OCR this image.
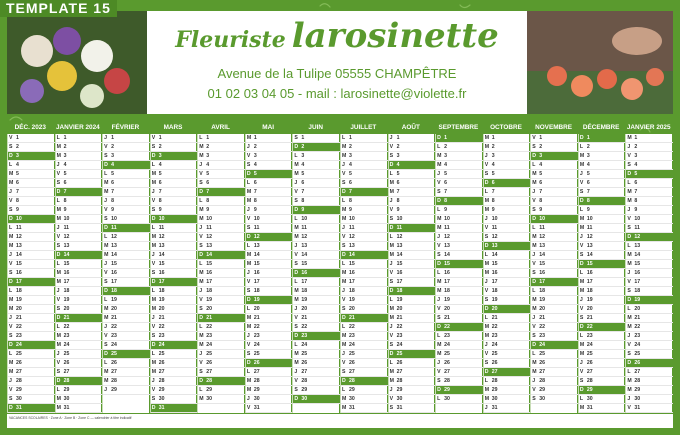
TEMPLATE 15
Fleuriste larosinette
Avenue de la Tulipe 05555 CHAMPÊTRE
01 02 03 04 05 - mail : larosinette@violette.fr
DÉC. 2023
V 1
S 2
D 3
L 4
M 5
M 6
J 7
V 8
S 9
D 10
L 11
M 12
M 13
J 14
V 15
S 16
D 17
L 18
M 19
M 20
J 21
V 22
S 23
D 24
L 25
M 26
M 27
J 28
V 29
S 30
D 31
JANVIER 2024
L 1
M 2
M 3
J 4
V 5
S 6
D 7
L 8
M 9
M 10
J 11
V 12
S 13
D 14
L 15
M 16
M 17
J 18
V 19
S 20
D 21
L 22
M 23
M 24
J 25
V 26
S 27
D 28
L 29
M 30
M 31
FÉVRIER
J 1
V 2
S 3
D 4
L 5
M 6
M 7
J 8
V 9
S 10
D 11
L 12
M 13
M 14
J 15
V 16
S 17
D 18
L 19
M 20
M 21
J 22
V 23
S 24
D 25
L 26
M 27
M 28
J 29
MARS
V 1
S 2
D 3
L 4
M 5
M 6
J 7
V 8
S 9
D 10
L 11
M 12
M 13
J 14
V 15
S 16
D 17
L 18
M 19
M 20
J 21
V 22
S 23
D 24
L 25
M 26
M 27
J 28
V 29
S 30
D 31
AVRIL
L 1
M 2
M 3
J 4
V 5
S 6
D 7
L 8
M 9
M 10
J 11
V 12
S 13
D 14
L 15
M 16
M 17
J 18
V 19
S 20
D 21
L 22
M 23
M 24
J 25
V 26
S 27
D 28
L 29
M 30
MAI
M 1
J 2
V 3
S 4
D 5
L 6
M 7
M 8
J 9
V 10
S 11
D 12
L 13
M 14
M 15
J 16
V 17
S 18
D 19
L 20
M 21
M 22
J 23
V 24
S 25
D 26
L 27
M 28
M 29
J 30
V 31
JUIN
S 1
D 2
L 3
M 4
M 5
J 6
V 7
S 8
D 9
L 10
M 11
M 12
J 13
V 14
S 15
D 16
L 17
M 18
M 19
J 20
V 21
S 22
D 23
L 24
M 25
M 26
J 27
V 28
S 29
D 30
JUILLET
L 1
M 2
M 3
J 4
V 5
S 6
D 7
L 8
M 9
M 10
J 11
V 12
S 13
D 14
L 15
M 16
M 17
J 18
V 19
S 20
D 21
L 22
M 23
M 24
J 25
V 26
S 27
D 28
L 29
M 30
M 31
AOÛT
J 1
V 2
S 3
D 4
L 5
M 6
M 7
J 8
V 9
S 10
D 11
L 12
M 13
M 14
J 15
V 16
S 17
D 18
L 19
M 20
M 21
J 22
V 23
S 24
D 25
L 26
M 27
M 28
J 29
V 30
S 31
SEPTEMBRE
D 1
L 2
M 3
M 4
J 5
V 6
S 7
D 8
L 9
M 10
M 11
J 12
V 13
S 14
D 15
L 16
M 17
M 18
J 19
V 20
S 21
D 22
L 23
M 24
M 25
J 26
V 27
S 28
D 29
L 30
OCTOBRE
M 1
M 2
J 3
V 4
S 5
D 6
L 7
M 8
M 9
J 10
V 11
S 12
D 13
L 14
M 15
M 16
J 17
V 18
S 19
D 20
L 21
M 22
M 23
J 24
V 25
S 26
D 27
L 28
M 29
M 30
J 31
NOVEMBRE
V 1
S 2
D 3
L 4
M 5
M 6
J 7
V 8
S 9
D 10
L 11
M 12
M 13
J 14
V 15
S 16
D 17
L 18
M 19
M 20
J 21
V 22
S 23
D 24
L 25
M 26
M 27
J 28
V 29
S 30
DÉCEMBRE
D 1
L 2
M 3
M 4
J 5
V 6
S 7
D 8
L 9
M 10
M 11
J 12
V 13
S 14
D 15
L 16
M 17
M 18
J 19
V 20
S 21
D 22
L 23
M 24
M 25
J 26
V 27
S 28
D 29
L 30
M 31
JANVIER 2025
M 1
J 2
V 3
S 4
D 5
L 6
M 7
M 8
J 9
V 10
S 11
D 12
L 13
M 14
M 15
J 16
V 17
S 18
D 19
L 20
M 21
M 22
J 23
V 24
S 25
D 26
L 27
M 28
M 29
J 30
V 31
VACANCES SCOLAIRES · Zone A · Zone B · Zone C — calendrier à titre indicatif
